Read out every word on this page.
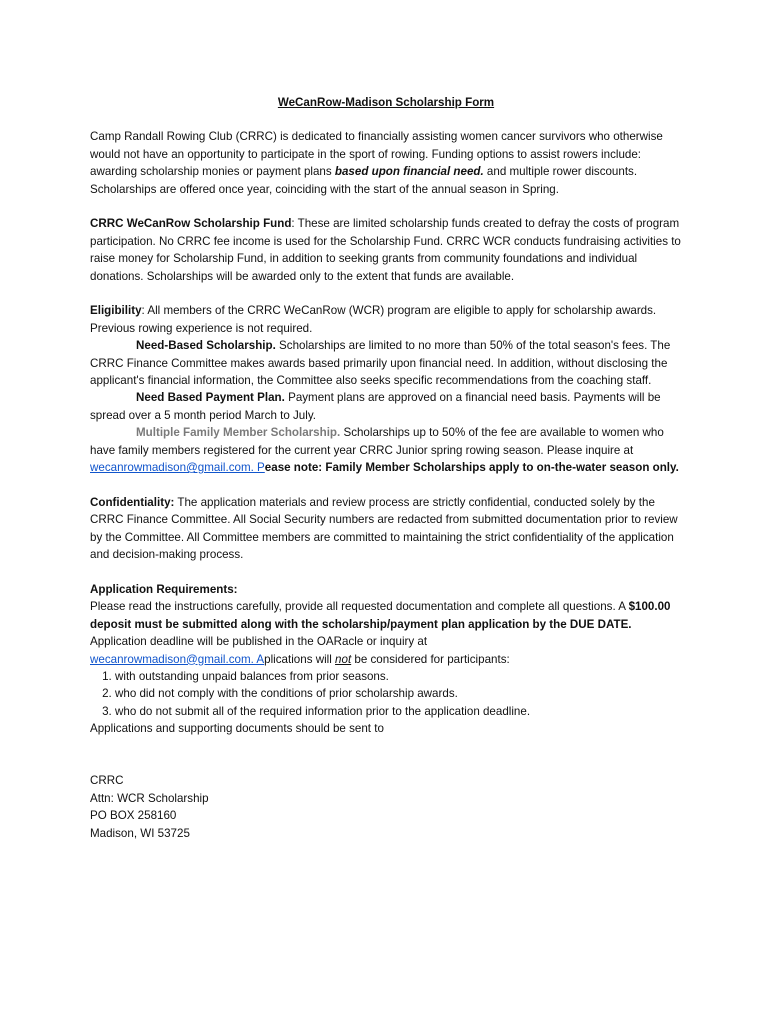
WeCanRow-Madison Scholarship Form

Camp Randall Rowing Club (CRRC) is dedicated to financially assisting women cancer survivors who otherwise would not have an opportunity to participate in the sport of rowing. Funding options to assist rowers include: awarding scholarship monies or payment plans based upon financial need. and multiple rower discounts. Scholarships are offered once year, coinciding with the start of the annual season in Spring.

CRRC WeCanRow Scholarship Fund: These are limited scholarship funds created to defray the costs of program participation. No CRRC fee income is used for the Scholarship Fund. CRRC WCR conducts fundraising activities to raise money for Scholarship Fund, in addition to seeking grants from community foundations and individual donations. Scholarships will be awarded only to the extent that funds are available.

Eligibility: All members of the CRRC WeCanRow (WCR) program are eligible to apply for scholarship awards. Previous rowing experience is not required.

Need-Based Scholarship. Scholarships are limited to no more than 50% of the total season's fees. The CRRC Finance Committee makes awards based primarily upon financial need. In addition, without disclosing the applicant's financial information, the Committee also seeks specific recommendations from the coaching staff.

Need Based Payment Plan. Payment plans are approved on a financial need basis. Payments will be spread over a 5 month period March to July.

Multiple Family Member Scholarship. Scholarships up to 50% of the fee are available to women who have family members registered for the current year CRRC Junior spring rowing season. Please inquire at wecanrowmadison@gmail.com. Pease note: Family Member Scholarships apply to on-the-water season only.

Confidentiality: The application materials and review process are strictly confidential, conducted solely by the CRRC Finance Committee. All Social Security numbers are redacted from submitted documentation prior to review by the Committee. All Committee members are committed to maintaining the strict confidentiality of the application and decision-making process.

Application Requirements:

Please read the instructions carefully, provide all requested documentation and complete all questions. A $100.00 deposit must be submitted along with the scholarship/payment plan application by the DUE DATE. Application deadline will be published in the OARacle or inquiry at
wecanrowmadison@gmail.com. Aplications will not be considered for participants:

1. with outstanding unpaid balances from prior seasons.
2. who did not comply with the conditions of prior scholarship awards.
3. who do not submit all of the required information prior to the application deadline.

Applications and supporting documents should be sent to

CRRC

Attn: WCR Scholarship

PO BOX 258160

Madison, WI 53725
